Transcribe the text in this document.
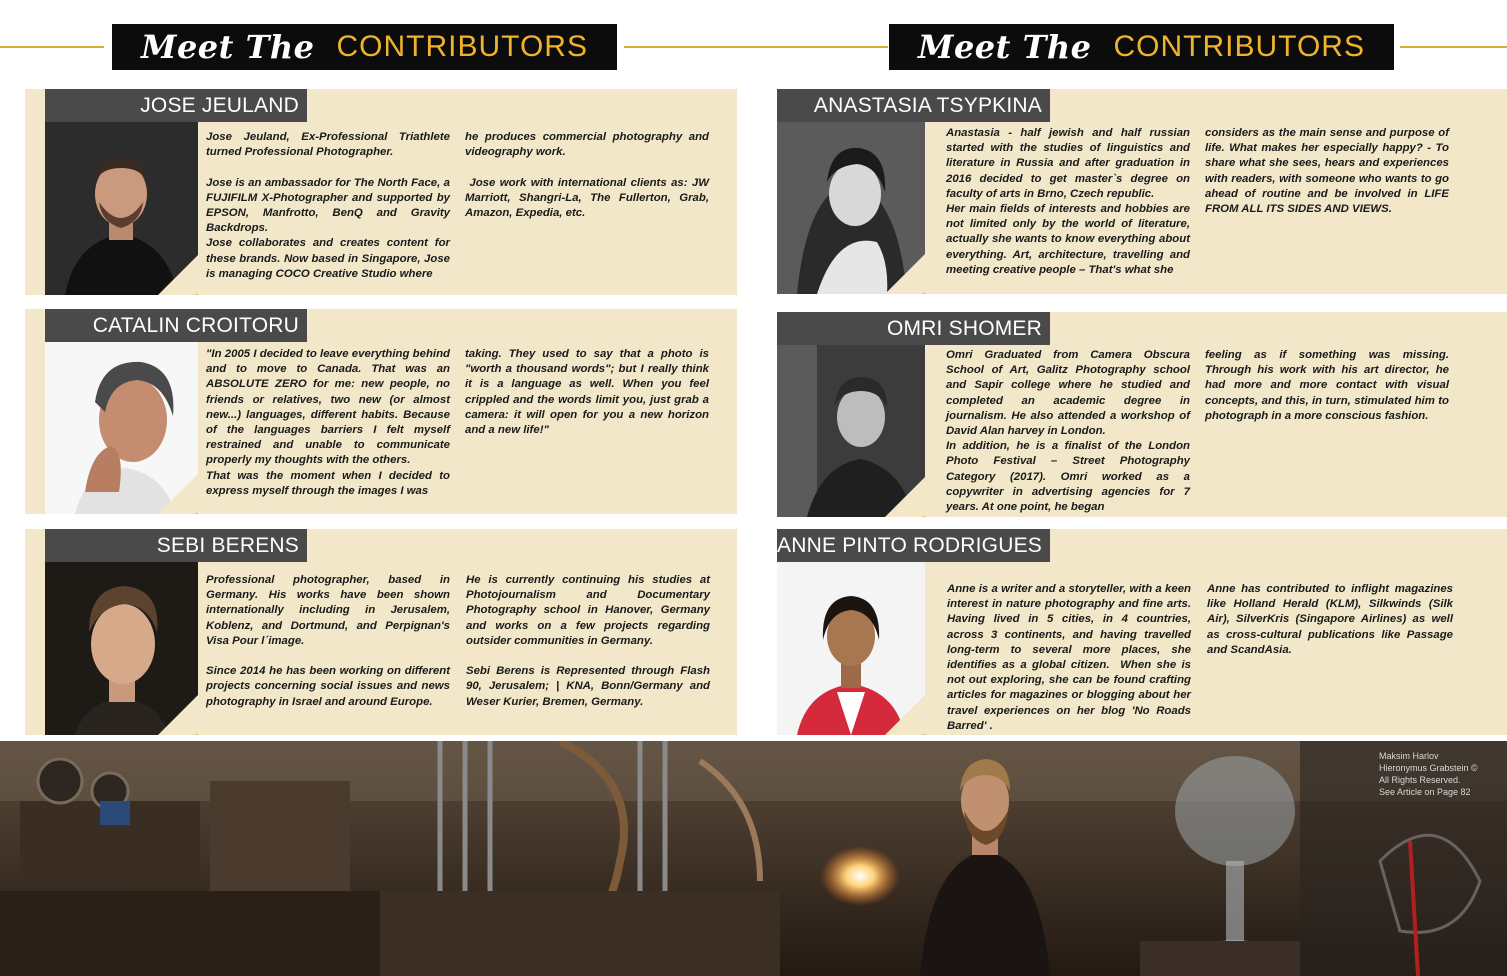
Meet The CONTRIBUTORS	Meet The CONTRIBUTORS
JOSE JEULAND
Jose Jeuland, Ex-Professional Triathlete turned Professional Photographer.

Jose is an ambassador for The North Face, a FUJIFILM X-Photographer and supported by EPSON, Manfrotto, BenQ and Gravity Backdrops.
Jose collaborates and creates content for these brands. Now based in Singapore, Jose is managing COCO Creative Studio where
he produces commercial photography and videography work.

Jose work with international clients as: JW Marriott, Shangri-La, The Fullerton, Grab, Amazon, Expedia, etc.
CATALIN CROITORU
"In 2005 I decided to leave everything behind and to move to Canada. That was an ABSOLUTE ZERO for me: new people, no friends or relatives, two new (or almost new...) languages, different habits. Because of the languages barriers I felt myself restrained and unable to communicate properly my thoughts with the others.
That was the moment when I decided to express myself through the images I was
taking. They used to say that a photo is "worth a thousand words"; but I really think it is a language as well. When you feel crippled and the words limit you, just grab a camera: it will open for you a new horizon and a new life!"
SEBI BERENS
Professional photographer, based in Germany. His works have been shown internationally including in Jerusalem, Koblenz, and Dortmund, and Perpignan's Visa Pour l´image.

Since 2014 he has been working on different projects concerning social issues and news photography in Israel and around Europe.
He is currently continuing his studies at Photojournalism and Documentary Photography school in Hanover, Germany and works on a few projects regarding outsider communities in Germany.

Sebi Berens is Represented through Flash 90, Jerusalem; | KNA, Bonn/Germany and Weser Kurier, Bremen, Germany.
ANASTASIA TSYPKINA
Anastasia - half jewish and half russian started with the studies of linguistics and literature in Russia and after graduation in 2016 decided to get master`s degree on faculty of arts in Brno, Czech republic.
Her main fields of interests and hobbies are not limited only by the world of literature, actually she wants to know everything about everything. Art, architecture, travelling and meeting creative people – That's what she
considers as the main sense and purpose of life. What makes her especially happy? - To share what she sees, hears and experiences with readers, with someone who wants to go ahead of routine and be involved in LIFE FROM ALL ITS SIDES AND VIEWS.
OMRI SHOMER
Omri Graduated from Camera Obscura School of Art, Galitz Photography school and Sapir college where he studied and completed an academic degree in journalism. He also attended a workshop of David Alan harvey in London.
In addition, he is a finalist of the London Photo Festival – Street Photography Category (2017). Omri worked as a copywriter in advertising agencies for 7 years. At one point, he began
feeling as if something was missing. Through his work with his art director, he had more and more contact with visual concepts, and this, in turn, stimulated him to photograph in a more conscious fashion.
ANNE PINTO RODRIGUES
Anne is a writer and a storyteller, with a keen interest in nature photography and fine arts. Having lived in 5 cities, in 4 countries, across 3 continents, and having travelled long-term to several more places, she identifies as a global citizen.  When she is not out exploring, she can be found crafting articles for magazines or blogging about her travel experiences on her blog 'No Roads Barred' .
Anne has contributed to inflight magazines like Holland Herald (KLM), Silkwinds (Silk Air), SilverKris (Singapore Airlines) as well as cross-cultural publications like Passage and ScandAsia.
Maksim Harlov
Hieronymus Grabstein ©
All Rights Reserved.
See Article on Page 82
